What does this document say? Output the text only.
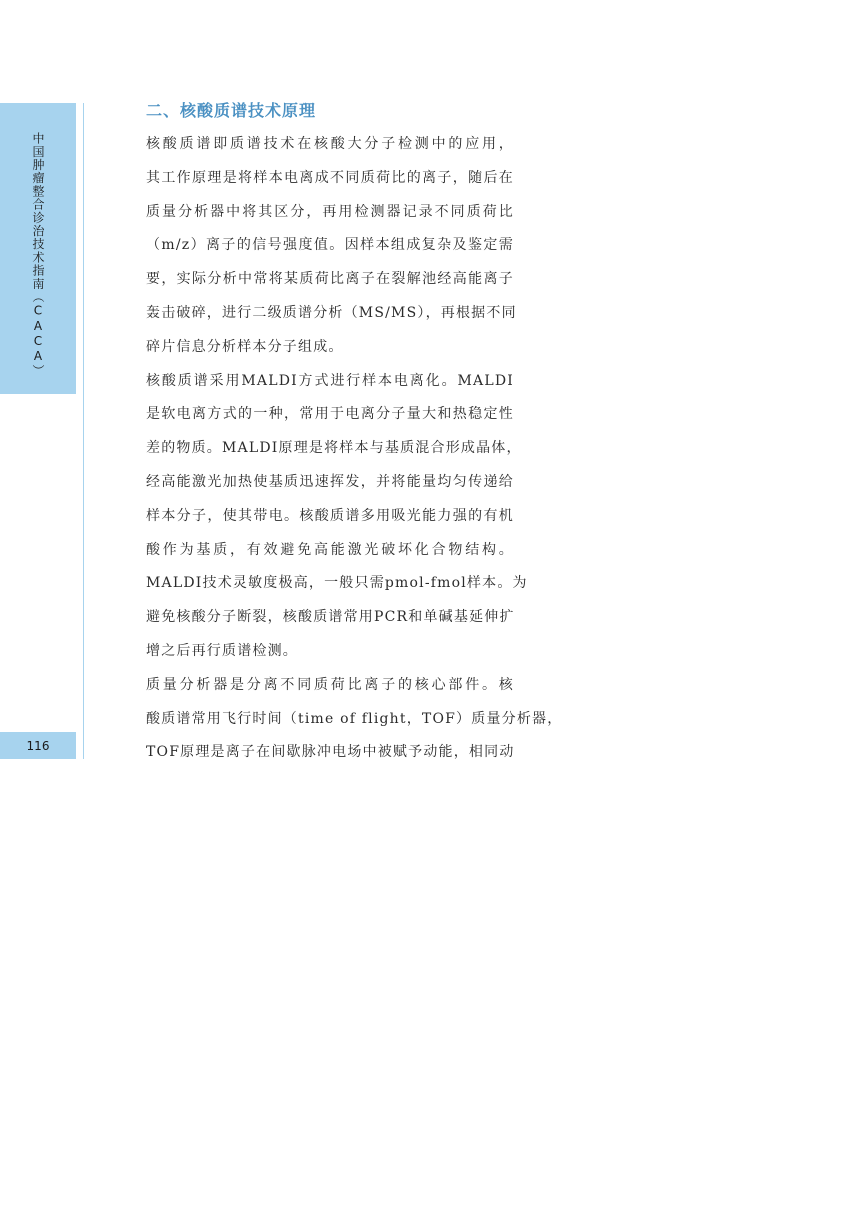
中国肿瘤整合诊治技术指南（CACA）
116
二、核酸质谱技术原理
核酸质谱即质谱技术在核酸大分子检测中的应用，
其工作原理是将样本电离成不同质荷比的离子，随后在
质量分析器中将其区分，再用检测器记录不同质荷比
（m/z）离子的信号强度值。因样本组成复杂及鉴定需
要，实际分析中常将某质荷比离子在裂解池经高能离子
轰击破碎，进行二级质谱分析（MS/MS），再根据不同
碎片信息分析样本分子组成。
核酸质谱采用MALDI方式进行样本电离化。MALDI
是软电离方式的一种，常用于电离分子量大和热稳定性
差的物质。MALDI原理是将样本与基质混合形成晶体，
经高能激光加热使基质迅速挥发，并将能量均匀传递给
样本分子，使其带电。核酸质谱多用吸光能力强的有机
酸作为基质，有效避免高能激光破坏化合物结构。
MALDI技术灵敏度极高，一般只需pmol-fmol样本。为
避免核酸分子断裂，核酸质谱常用PCR和单碱基延伸扩
增之后再行质谱检测。
质量分析器是分离不同质荷比离子的核心部件。核
酸质谱常用飞行时间（time of flight，TOF）质量分析器，
TOF原理是离子在间歇脉冲电场中被赋予动能，相同动
